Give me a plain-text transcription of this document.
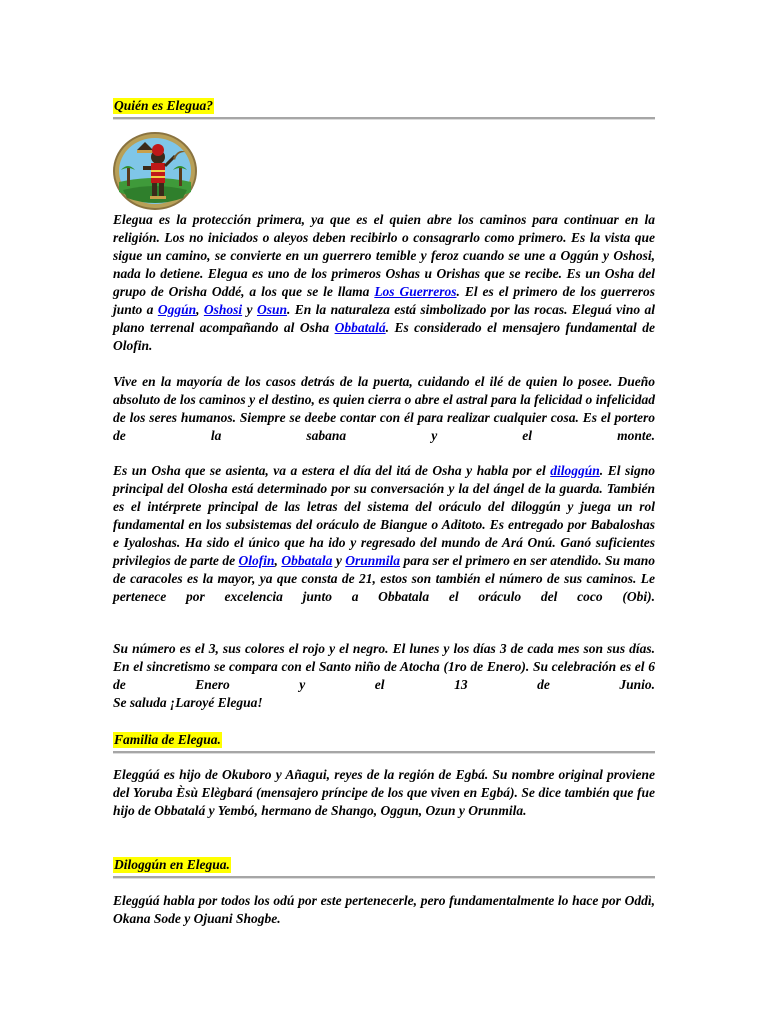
Quién es Elegua?

Elegua es la protección primera, ya que es el quien abre los caminos para continuar en la religión. Los no iniciados o aleyos deben recibirlo o consagrarlo como primero. Es la vista que sigue un camino, se convierte en un guerrero temible y feroz cuando se une a Oggún y Oshosi, nada lo detiene. Elegua es uno de los primeros Oshas u Orishas que se recibe. Es un Osha del grupo de Orisha Oddé, a los que se le llama Los Guerreros. El es el primero de los guerreros junto a Oggún, Oshosi y Osun. En la naturaleza está simbolizado por las rocas. Eleguá vino al plano terrenal acompañando al Osha Obbatalá. Es considerado el mensajero fundamental de Olofin.

Vive en la mayoría de los casos detrás de la puerta, cuidando el ilé de quien lo posee. Dueño absoluto de los caminos y el destino, es quien cierra o abre el astral para la felicidad o infelicidad de los seres humanos. Siempre se deebe contar con él para realizar cualquier cosa. Es el portero de la sabana y el monte.

Es un Osha que se asienta, va a estera el día del itá de Osha y habla por el diloggún. El signo principal del Olosha está determinado por su conversación y la del ángel de la guarda. También es el intérprete principal de las letras del sistema del oráculo del diloggún y juega un rol fundamental en los subsistemas del oráculo de Biangue o Aditoto. Es entregado por Babaloshas e Iyaloshas. Ha sido el único que ha ido y regresado del mundo de Ará Onú. Ganó suficientes privilegios de parte de Olofin, Obbatala y Orunmila para ser el primero en ser atendido. Su mano de caracoles es la mayor, ya que consta de 21, estos son también el número de sus caminos. Le pertenece por excelencia junto a Obbatala el oráculo del coco (Obi).

Su número es el 3, sus colores el rojo y el negro. El lunes y los días 3 de cada mes son sus días. En el sincretismo se compara con el Santo niño de Atocha (1ro de Enero). Su celebración es el 6 de Enero y el 13 de Junio.
Se saluda ¡Laroyé Elegua!
Familia de Elegua.

Eleggúá es hijo de Okuboro y Añagui, reyes de la región de Egbá. Su nombre original proviene del Yoruba Èsù Elègbará (mensajero príncipe de los que viven en Egbá). Se dice también que fue hijo de Obbatalá y Yembó, hermano de Shango, Oggun, Ozun y Orunmila.

Diloggún en Elegua.

Eleggúá habla por todos los odú por este pertenecerle, pero fundamentalmente lo hace por Oddì, Okana Sode y Ojuani Shogbe.
